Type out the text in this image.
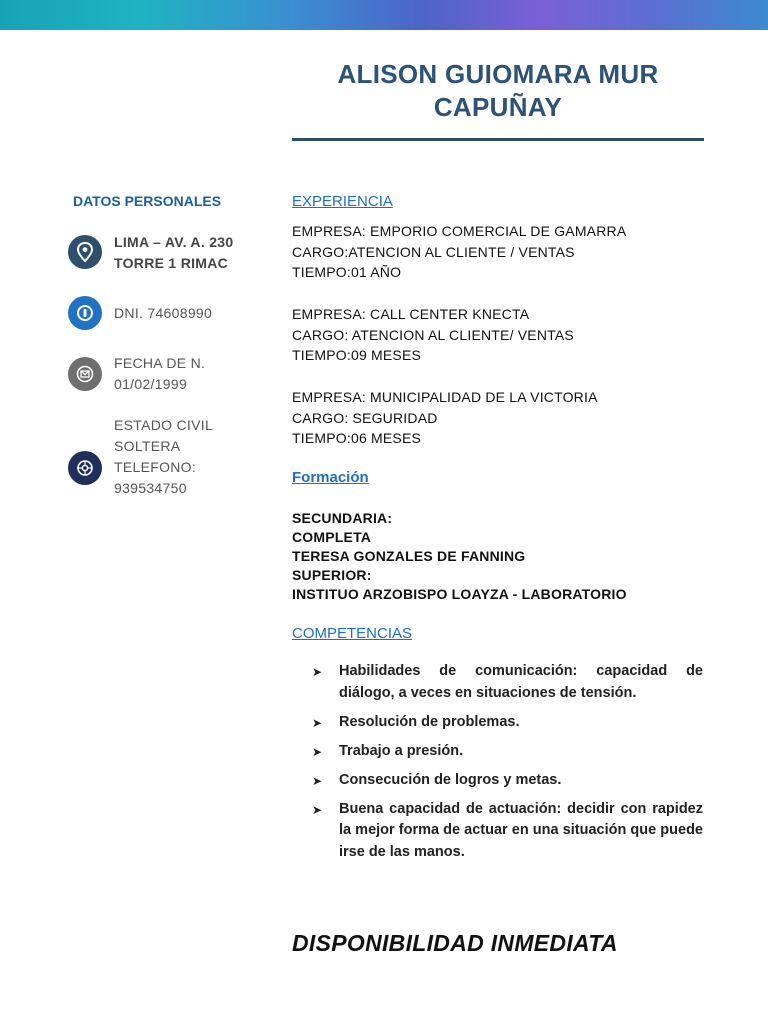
ALISON GUIOMARA MUR
CAPUÑAY
DATOS PERSONALES
LIMA – AV. A. 230
TORRE 1 RIMAC
DNI. 74608990
FECHA DE N.
01/02/1999
ESTADO CIVIL
SOLTERA
TELEFONO:
939534750
EXPERIENCIA
EMPRESA: EMPORIO COMERCIAL DE GAMARRA
CARGO:ATENCION AL CLIENTE / VENTAS
TIEMPO:01 AÑO
EMPRESA: CALL CENTER KNECTA
CARGO: ATENCION AL CLIENTE/ VENTAS
TIEMPO:09 MESES
EMPRESA: MUNICIPALIDAD DE LA VICTORIA
CARGO: SEGURIDAD
TIEMPO:06 MESES
Formación
SECUNDARIA:
COMPLETA
TERESA GONZALES DE FANNING
SUPERIOR:
INSTITUO ARZOBISPO LOAYZA - LABORATORIO
COMPETENCIAS
➤ Habilidades de comunicación: capacidad de diálogo, a veces en situaciones de tensión.
➤ Resolución de problemas.
➤ Trabajo a presión.
➤ Consecución de logros y metas.
➤ Buena capacidad de actuación: decidir con rapidez la mejor forma de actuar en una situación que puede irse de las manos.
DISPONIBILIDAD INMEDIATA
